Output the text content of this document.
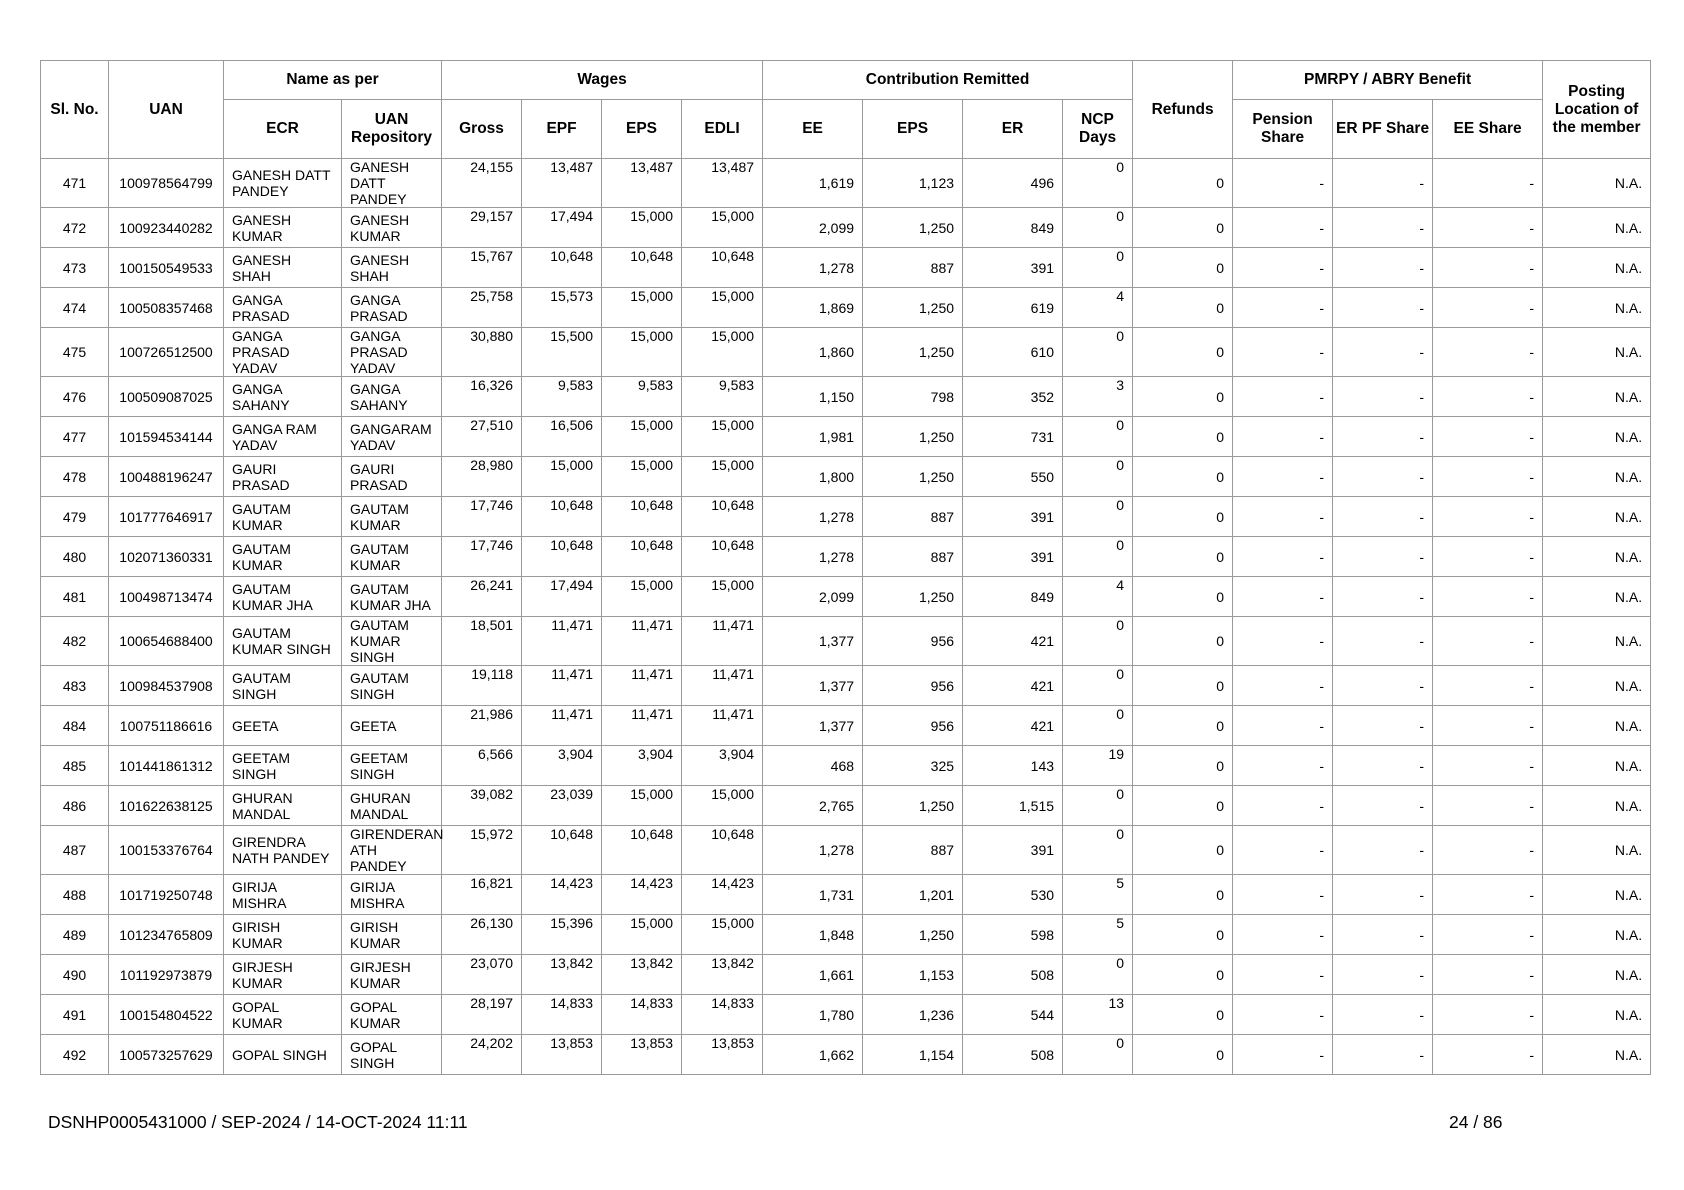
Sl. No.	UAN	Name as per		Wages				Contribution Remitted				Refunds	PMRPY / ABRY Benefit			Posting Location of the member
		ECR	UAN Repository	Gross	EPF	EPS	EDLI	EE	EPS	ER	NCP Days		Pension Share	ER PF Share	EE Share	
471	100978564799	GANESH DATT PANDEY	GANESH DATT PANDEY	24,155	13,487	13,487	13,487	1,619	1,123	496	0	0	-	-	-	N.A.
472	100923440282	GANESH KUMAR	GANESH KUMAR	29,157	17,494	15,000	15,000	2,099	1,250	849	0	0	-	-	-	N.A.
473	100150549533	GANESH SHAH	GANESH SHAH	15,767	10,648	10,648	10,648	1,278	887	391	0	0	-	-	-	N.A.
474	100508357468	GANGA PRASAD	GANGA PRASAD	25,758	15,573	15,000	15,000	1,869	1,250	619	4	0	-	-	-	N.A.
475	100726512500	GANGA PRASAD YADAV	GANGA PRASAD YADAV	30,880	15,500	15,000	15,000	1,860	1,250	610	0	0	-	-	-	N.A.
476	100509087025	GANGA SAHANY	GANGA SAHANY	16,326	9,583	9,583	9,583	1,150	798	352	3	0	-	-	-	N.A.
477	101594534144	GANGA RAM YADAV	GANGARAM YADAV	27,510	16,506	15,000	15,000	1,981	1,250	731	0	0	-	-	-	N.A.
478	100488196247	GAURI PRASAD	GAURI PRASAD	28,980	15,000	15,000	15,000	1,800	1,250	550	0	0	-	-	-	N.A.
479	101777646917	GAUTAM KUMAR	GAUTAM KUMAR	17,746	10,648	10,648	10,648	1,278	887	391	0	0	-	-	-	N.A.
480	102071360331	GAUTAM KUMAR	GAUTAM KUMAR	17,746	10,648	10,648	10,648	1,278	887	391	0	0	-	-	-	N.A.
481	100498713474	GAUTAM KUMAR JHA	GAUTAM KUMAR JHA	26,241	17,494	15,000	15,000	2,099	1,250	849	4	0	-	-	-	N.A.
482	100654688400	GAUTAM KUMAR SINGH	GAUTAM KUMAR SINGH	18,501	11,471	11,471	11,471	1,377	956	421	0	0	-	-	-	N.A.
483	100984537908	GAUTAM SINGH	GAUTAM SINGH	19,118	11,471	11,471	11,471	1,377	956	421	0	0	-	-	-	N.A.
484	100751186616	GEETA	GEETA	21,986	11,471	11,471	11,471	1,377	956	421	0	0	-	-	-	N.A.
485	101441861312	GEETAM SINGH	GEETAM SINGH	6,566	3,904	3,904	3,904	468	325	143	19	0	-	-	-	N.A.
486	101622638125	GHURAN MANDAL	GHURAN MANDAL	39,082	23,039	15,000	15,000	2,765	1,250	1,515	0	0	-	-	-	N.A.
487	100153376764	GIRENDRA NATH PANDEY	GIRENDERAN ATH PANDEY	15,972	10,648	10,648	10,648	1,278	887	391	0	0	-	-	-	N.A.
488	101719250748	GIRIJA MISHRA	GIRIJA MISHRA	16,821	14,423	14,423	14,423	1,731	1,201	530	5	0	-	-	-	N.A.
489	101234765809	GIRISH KUMAR	GIRISH KUMAR	26,130	15,396	15,000	15,000	1,848	1,250	598	5	0	-	-	-	N.A.
490	101192973879	GIRJESH KUMAR	GIRJESH KUMAR	23,070	13,842	13,842	13,842	1,661	1,153	508	0	0	-	-	-	N.A.
491	100154804522	GOPAL KUMAR	GOPAL KUMAR	28,197	14,833	14,833	14,833	1,780	1,236	544	13	0	-	-	-	N.A.
492	100573257629	GOPAL SINGH	GOPAL SINGH	24,202	13,853	13,853	13,853	1,662	1,154	508	0	0	-	-	-	N.A.
DSNHP0005431000 / SEP-2024 / 14-OCT-2024 11:11	24 / 86
